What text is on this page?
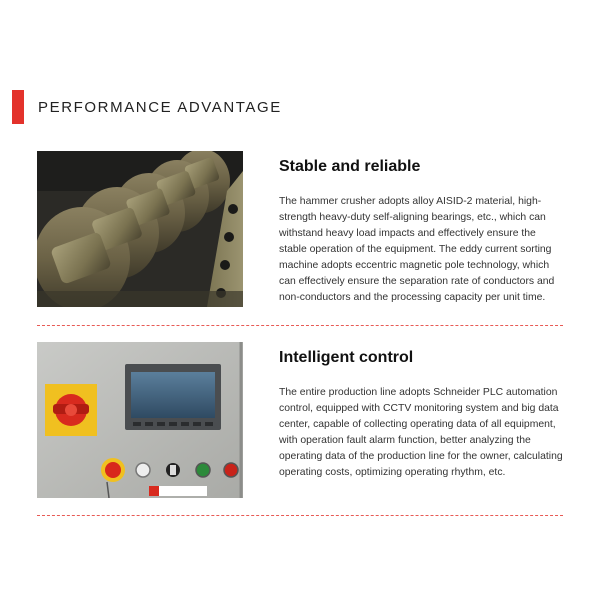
PERFORMANCE ADVANTAGE
Stable and reliable

The hammer crusher adopts alloy AISID-2 material, high-strength heavy-duty self-aligning bearings, etc., which can withstand heavy load impacts and effectively ensure the stable operation of the equipment. The eddy current sorting machine adopts eccentric magnetic pole technology, which can effectively ensure the separation rate of conductors and non-conductors and the processing capacity per unit time.

Intelligent control

The entire production line adopts Schneider PLC automation control, equipped with CCTV monitoring system and big data center, capable of collecting operating data of all equipment, with operation fault alarm function, better analyzing the operating data of the production line for the owner, calculating operating costs, optimizing operating rhythm, etc.
